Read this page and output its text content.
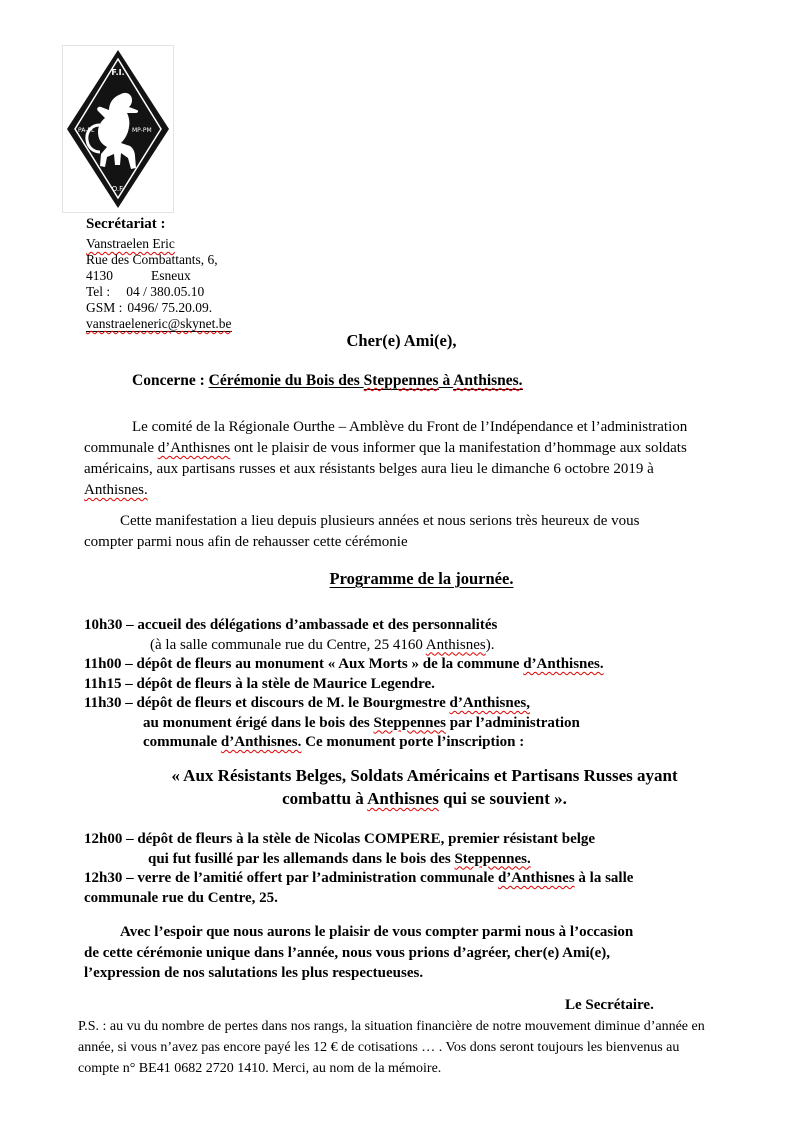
F.I.
PA-PL	MP-PM
O.F.
Secrétariat :
Vanstraelen Eric
Rue des Combattants, 6,
4130	Esneux
Tel : 04 / 380.05.10
GSM : 0496/ 75.20.09.
vanstraeleneric@skynet.be
Cher(e) Ami(e),
Concerne : Cérémonie du Bois des Steppennes à Anthisnes.
Le comité de la Régionale Ourthe – Amblève du Front de l’Indépendance et l’administration
communale d’Anthisnes ont le plaisir de vous informer que la manifestation d’hommage aux soldats
américains, aux partisans russes et aux résistants belges aura lieu le dimanche 6 octobre 2019 à
Anthisnes.
Cette manifestation a lieu depuis plusieurs années et nous serions très heureux de vous
compter parmi nous afin de rehausser cette cérémonie
Programme de la journée.
10h30 – accueil des délégations d’ambassade et des personnalités
(à la salle communale rue du Centre, 25 4160 Anthisnes).
11h00 – dépôt de fleurs au monument « Aux Morts » de la commune d’Anthisnes.
11h15 – dépôt de fleurs à la stèle de Maurice Legendre.
11h30 – dépôt de fleurs et discours de M. le Bourgmestre d’Anthisnes,
au monument érigé dans le bois des Steppennes par l’administration
communale d’Anthisnes. Ce monument porte l’inscription :
« Aux Résistants Belges, Soldats Américains et Partisans Russes ayant
combattu à Anthisnes qui se souvient ».
12h00 – dépôt de fleurs à la stèle de Nicolas COMPERE, premier résistant belge
qui fut fusillé par les allemands dans le bois des Steppennes.
12h30 – verre de l’amitié offert par l’administration communale d’Anthisnes à la salle
communale rue du Centre, 25.
Avec l’espoir que nous aurons le plaisir de vous compter parmi nous à l’occasion
de cette cérémonie unique dans l’année, nous vous prions d’agréer, cher(e) Ami(e),
l’expression de nos salutations les plus respectueuses.
Le Secrétaire.
P.S. : au vu du nombre de pertes dans nos rangs, la situation financière de notre mouvement diminue d’année en
année, si vous n’avez pas encore payé les 12 € de cotisations … . Vos dons seront toujours les bienvenus au
compte n° BE41 0682 2720 1410. Merci, au nom de la mémoire.
